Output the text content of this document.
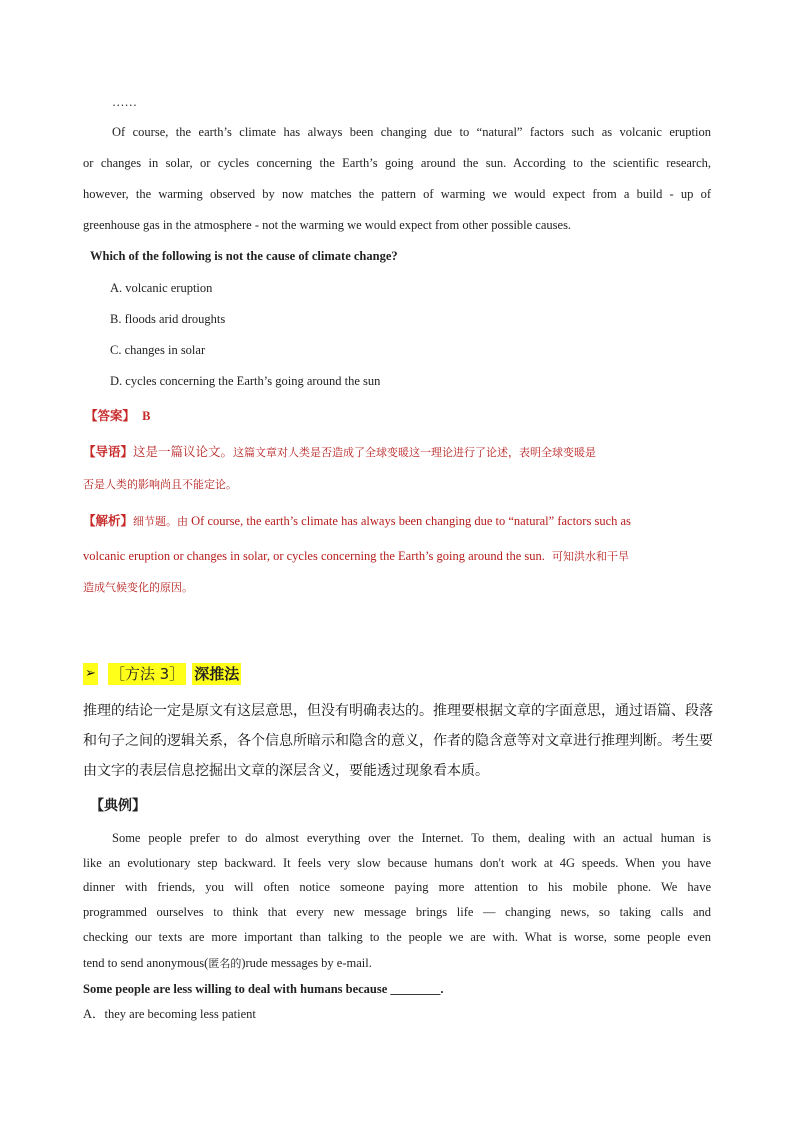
……
Of course, the earth’s climate has always been changing due to “natural” factors such as volcanic eruption
or changes in solar, or cycles concerning the Earth’s going around the sun. According to the scientific research,
however, the warming observed by now matches the pattern of warming we would expect from a build - up of
greenhouse gas in the atmosphere - not the warming we would expect from other possible causes.
Which of the following is not the cause of climate change?
A. volcanic eruption
B. floods arid droughts
C. changes in solar
D. cycles concerning the Earth’s going around the sun
【答案】 B
【导语】这是一篇议论文。这篇文章对人类是否造成了全球变暖这一理论进行了论述，表明全球变暖是
否是人类的影响尚且不能定论。
【解析】细节题。由 Of course, the earth’s climate has always been changing due to “natural” factors such as
volcanic eruption or changes in solar, or cycles concerning the Earth’s going around the sun. 可知洪水和干旱
造成气候变化的原因。
➢ ［方法 3］ 深推法
推理的结论一定是原文有这层意思，但没有明确表达的。推理要根据文章的字面意思，通过语篇、段落
和句子之间的逻辑关系，各个信息所暗示和隐含的意义，作者的隐含意等对文章进行推理判断。考生要
由文字的表层信息挖掘出文章的深层含义，要能透过现象看本质。
【典例】
Some people prefer to do almost everything over the Internet. To them, dealing with an actual human is
like an evolutionary step backward. It feels very slow because humans don't work at 4G speeds. When you have
dinner with friends, you will often notice someone paying more attention to his mobile phone. We have
programmed ourselves to think that every new message brings life — changing news, so taking calls and
checking our texts are more important than talking to the people we are with. What is worse, some people even
tend to send anonymous(匿名的)rude messages by e-mail.
Some people are less willing to deal with humans because ________.
A．they are becoming less patient
